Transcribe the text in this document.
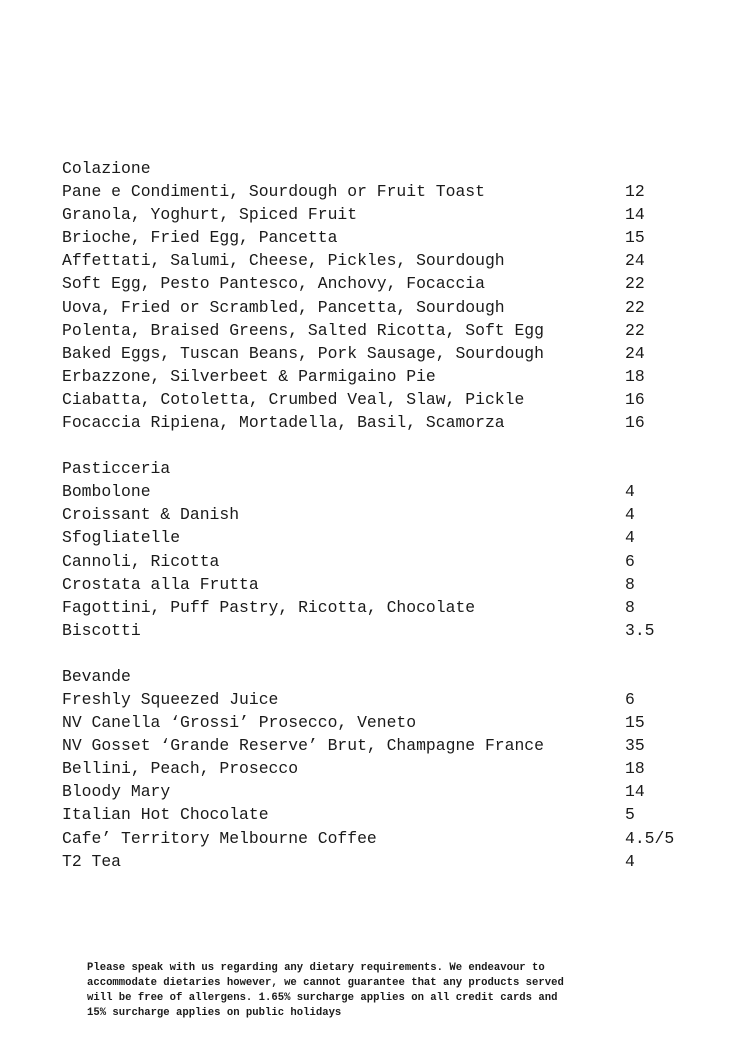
Colazione
Pane e Condimenti, Sourdough or Fruit Toast	12
Granola, Yoghurt, Spiced Fruit	14
Brioche, Fried Egg, Pancetta	15
Affettati, Salumi, Cheese, Pickles, Sourdough	24
Soft Egg, Pesto Pantesco, Anchovy, Focaccia	22
Uova, Fried or Scrambled, Pancetta, Sourdough	22
Polenta, Braised Greens, Salted Ricotta, Soft Egg	22
Baked Eggs, Tuscan Beans, Pork Sausage, Sourdough	24
Erbazzone, Silverbeet & Parmigaino Pie	18
Ciabatta, Cotoletta, Crumbed Veal, Slaw, Pickle	16
Focaccia Ripiena, Mortadella, Basil, Scamorza	16
Pasticceria
Bombolone	4
Croissant & Danish	4
Sfogliatelle	4
Cannoli, Ricotta	6
Crostata alla Frutta	8
Fagottini, Puff Pastry, Ricotta, Chocolate	8
Biscotti	3.5
Bevande
Freshly Squeezed Juice	6
NV Canella ‘Grossi’ Prosecco, Veneto	15
NV Gosset ‘Grande Reserve’ Brut, Champagne France	35
Bellini, Peach, Prosecco	18
Bloody Mary	14
Italian Hot Chocolate	5
Cafe’ Territory Melbourne Coffee	4.5/5
T2 Tea	4
Please speak with us regarding any dietary requirements. We endeavour to
accommodate dietaries however, we cannot guarantee that any products served
will be free of allergens. 1.65% surcharge applies on all credit cards and
15% surcharge applies on public holidays
